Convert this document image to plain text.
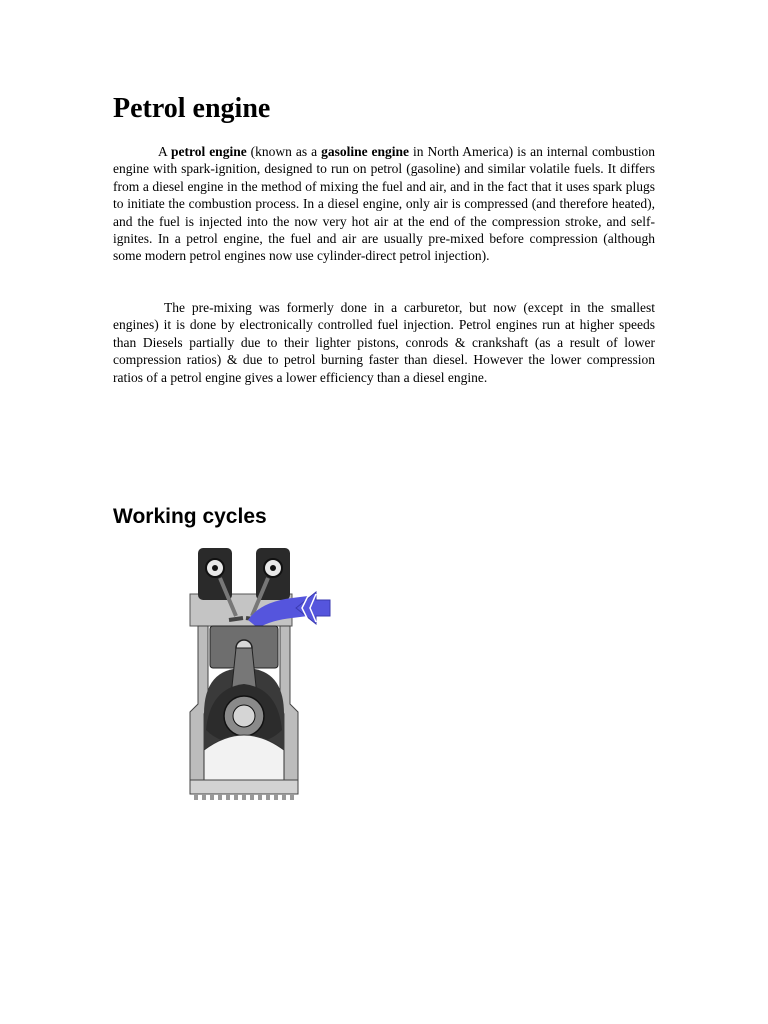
Petrol engine

A petrol engine (known as a gasoline engine in North America) is an internal combustion engine with spark-ignition, designed to run on petrol (gasoline) and similar volatile fuels. It differs from a diesel engine in the method of mixing the fuel and air, and in the fact that it uses spark plugs to initiate the combustion process. In a diesel engine, only air is compressed (and therefore heated), and the fuel is injected into the now very hot air at the end of the compression stroke, and self-ignites. In a petrol engine, the fuel and air are usually pre-mixed before compression (although some modern petrol engines now use cylinder-direct petrol injection).

The pre-mixing was formerly done in a carburetor, but now (except in the smallest engines) it is done by electronically controlled fuel injection. Petrol engines run at higher speeds than Diesels partially due to their lighter pistons, conrods & crankshaft (as a result of lower compression ratios) & due to petrol burning faster than diesel. However the lower compression ratios of a petrol engine gives a lower efficiency than a diesel engine.

Working cycles
